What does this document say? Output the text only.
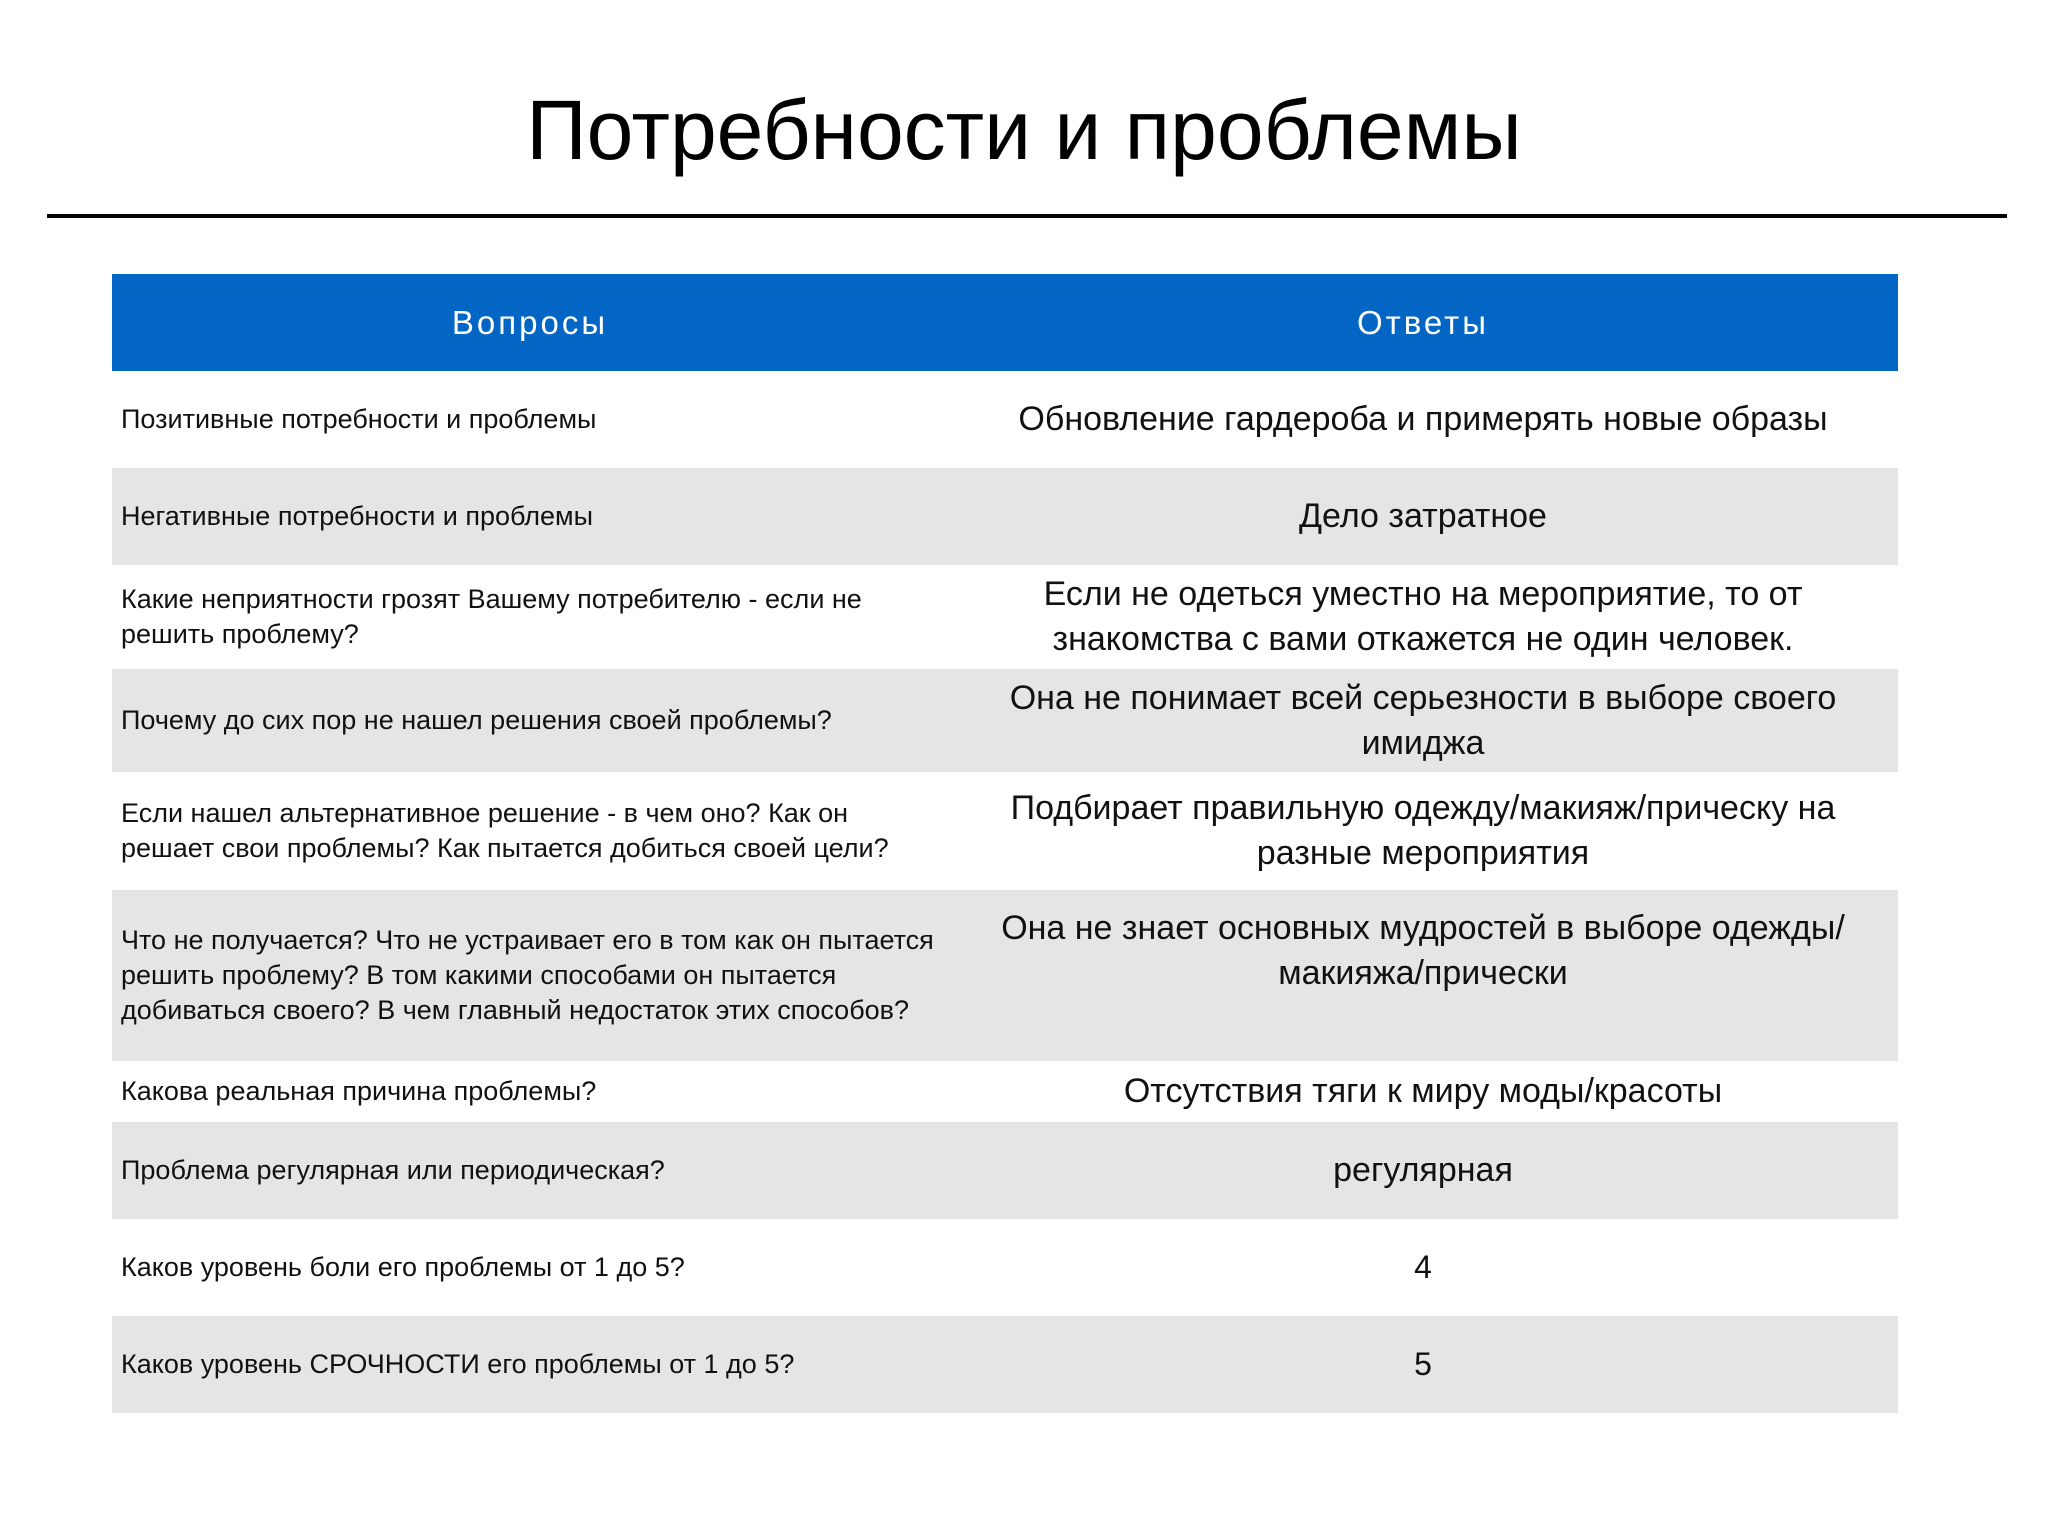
Потребности и проблемы
Вопросы	Ответы
Позитивные потребности и проблемы	Обновление гардероба и примерять новые образы
Негативные потребности и проблемы	Дело затратное
Какие неприятности грозят Вашему потребителю - если не решить проблему?	Если не одеться уместно на мероприятие, то от знакомства с вами откажется не один человек.
Почему до сих пор не нашел решения своей проблемы?	Она не понимает всей серьезности в выборе своего имиджа
Если нашел альтернативное решение - в чем оно? Как он решает свои проблемы? Как пытается добиться своей цели?	Подбирает правильную одежду/макияж/прическу на разные мероприятия
Что не получается? Что не устраивает его в том как он пытается решить проблему? В том какими способами он пытается добиваться своего? В чем главный недостаток этих способов?	Она не знает основных мудростей в выборе одежды/макияжа/прически
Какова реальная причина проблемы?	Отсутствия тяги к миру моды/красоты
Проблема регулярная или периодическая?	регулярная
Каков уровень боли его проблемы от 1 до 5?	4
Каков уровень СРОЧНОСТИ его проблемы от 1 до 5?	5
